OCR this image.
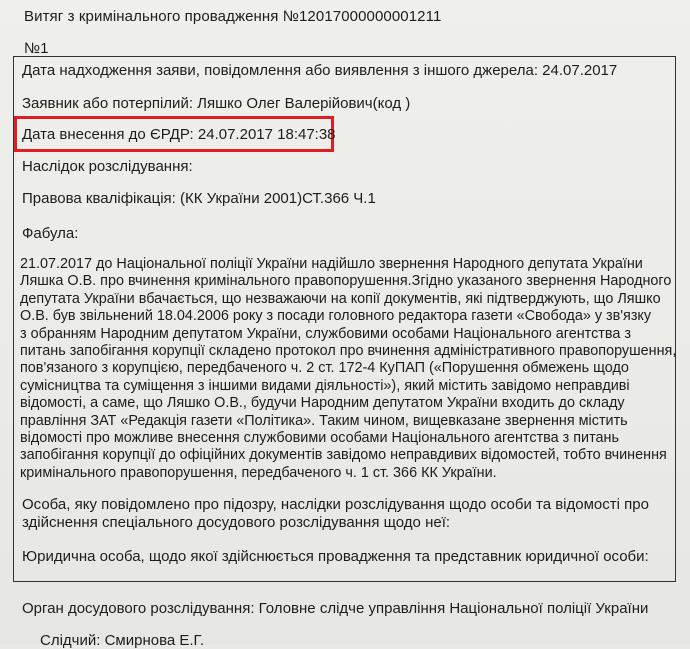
Витяг з кримінального провадження №12017000000001211
№1
Дата надходження заяви, повідомлення або виявлення з іншого джерела: 24.07.2017
Заявник або потерпілий: Ляшко Олег Валерійович(код )
Дата внесення до ЄРДР: 24.07.2017 18:47:38
Наслідок розслідування:
Правова кваліфікація: (КК України 2001)СТ.366 Ч.1
Фабула:
21.07.2017 до Національної поліції України надійшло звернення Народного депутата України
Ляшка О.В. про вчинення кримінального правопорушення.Згідно указаного звернення Народного
депутата України вбачається, що незважаючи на копії документів, які підтверджують, що Ляшко
О.В. був звільнений 18.04.2006 року з посади головного редактора газети «Свобода» у зв'язку
з обранням Народним депутатом України, службовими особами Національного агентства з
питань запобігання корупції складено протокол про вчинення адміністративного правопорушення,
пов'язаного з корупцією, передбаченого ч. 2 ст. 172-4 КуПАП («Порушення обмежень щодо
сумісництва та суміщення з іншими видами діяльності»), який містить завідомо неправдиві
відомості, а саме, що Ляшко О.В., будучи Народним депутатом України входить до складу
правління ЗАТ «Редакція газети «Політика». Таким чином, вищевказане звернення містить
відомості про можливе внесення службовими особами Національного агентства з питань
запобігання корупції до офіційних документів завідомо неправдивих відомостей, тобто вчинення
кримінального правопорушення, передбаченого ч. 1 ст. 366 КК України.
Особа, яку повідомлено про підозру, наслідки розслідування щодо особи та відомості про
здійснення спеціального досудового розслідування щодо неї:
Юридична особа, щодо якої здійснюється провадження та представник юридичної особи:
Орган досудового розслідування: Головне слідче управління Національної поліції України
Слідчий: Смирнова Е.Г.
